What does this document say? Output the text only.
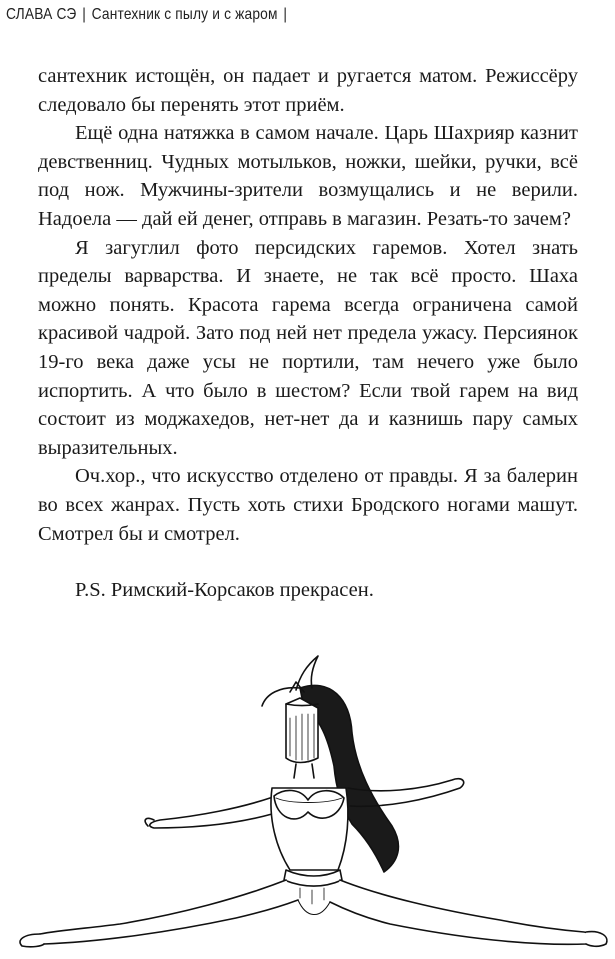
СЛАВА СЭ | Сантехник с пылу и с жаром |

сантехник истощён, он падает и ругается матом. Режиссёру следовало бы перенять этот приём.

Ещё одна натяжка в самом начале. Царь Шахрияр казнит девственниц. Чудных мотыльков, ножки, шейки, ручки, всё под нож. Мужчины-зрители возмущались и не верили. Надоела — дай ей денег, отправь в магазин. Резать-то зачем?

Я загуглил фото персидских гаремов. Хотел знать пределы варварства. И знаете, не так всё просто. Шаха можно понять. Красота гарема всегда ограничена самой красивой чадрой. Зато под ней нет предела ужасу. Персиянок 19-го века даже усы не портили, там нечего уже было испортить. А что было в шестом? Если твой гарем на вид состоит из моджахедов, нет-нет да и казнишь пару самых выразительных.

Оч.хор., что искусство отделено от правды. Я за балерин во всех жанрах. Пусть хоть стихи Бродского ногами машут. Смотрел бы и смотрел.

P.S. Римский-Корсаков прекрасен.
